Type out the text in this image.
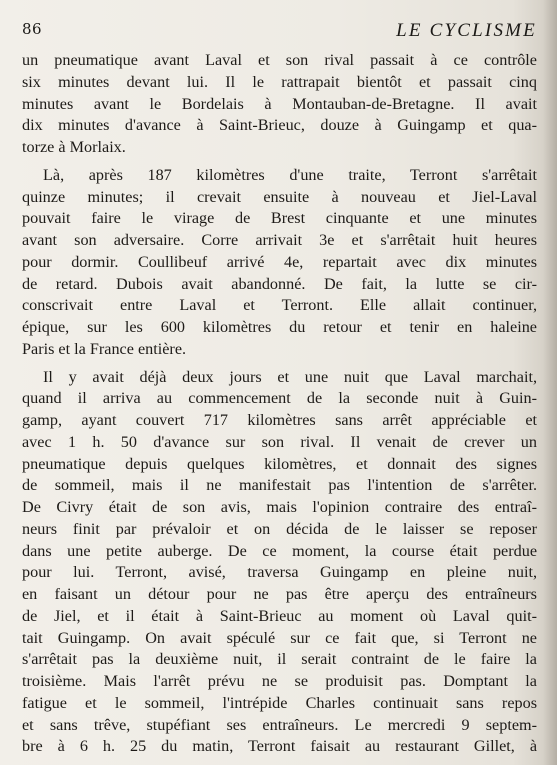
86	LE CYCLISME
un pneumatique avant Laval et son rival passait à ce contrôle
six minutes devant lui. Il le rattrapait bientôt et passait cinq
minutes avant le Bordelais à Montauban-de-Bretagne. Il avait
dix minutes d'avance à Saint-Brieuc, douze à Guingamp et qua-
torze à Morlaix.
Là, après 187 kilomètres d'une traite, Terront s'arrêtait
quinze minutes; il crevait ensuite à nouveau et Jiel-Laval
pouvait faire le virage de Brest cinquante et une minutes
avant son adversaire. Corre arrivait 3e et s'arrêtait huit heures
pour dormir. Coullibeuf arrivé 4e, repartait avec dix minutes
de retard. Dubois avait abandonné. De fait, la lutte se cir-
conscrivait entre Laval et Terront. Elle allait continuer,
épique, sur les 600 kilomètres du retour et tenir en haleine
Paris et la France entière.
Il y avait déjà deux jours et une nuit que Laval marchait,
quand il arriva au commencement de la seconde nuit à Guin-
gamp, ayant couvert 717 kilomètres sans arrêt appréciable et
avec 1 h. 50 d'avance sur son rival. Il venait de crever un
pneumatique depuis quelques kilomètres, et donnait des signes
de sommeil, mais il ne manifestait pas l'intention de s'arrêter.
De Civry était de son avis, mais l'opinion contraire des entraî-
neurs finit par prévaloir et on décida de le laisser se reposer
dans une petite auberge. De ce moment, la course était perdue
pour lui. Terront, avisé, traversa Guingamp en pleine nuit,
en faisant un détour pour ne pas être aperçu des entraîneurs
de Jiel, et il était à Saint-Brieuc au moment où Laval quit-
tait Guingamp. On avait spéculé sur ce fait que, si Terront ne
s'arrêtait pas la deuxième nuit, il serait contraint de le faire la
troisième. Mais l'arrêt prévu ne se produisit pas. Domptant la
fatigue et le sommeil, l'intrépide Charles continuait sans repos
et sans trêve, stupéfiant ses entraîneurs. Le mercredi 9 septem-
bre à 6 h. 25 du matin, Terront faisait au restaurant Gillet, à
